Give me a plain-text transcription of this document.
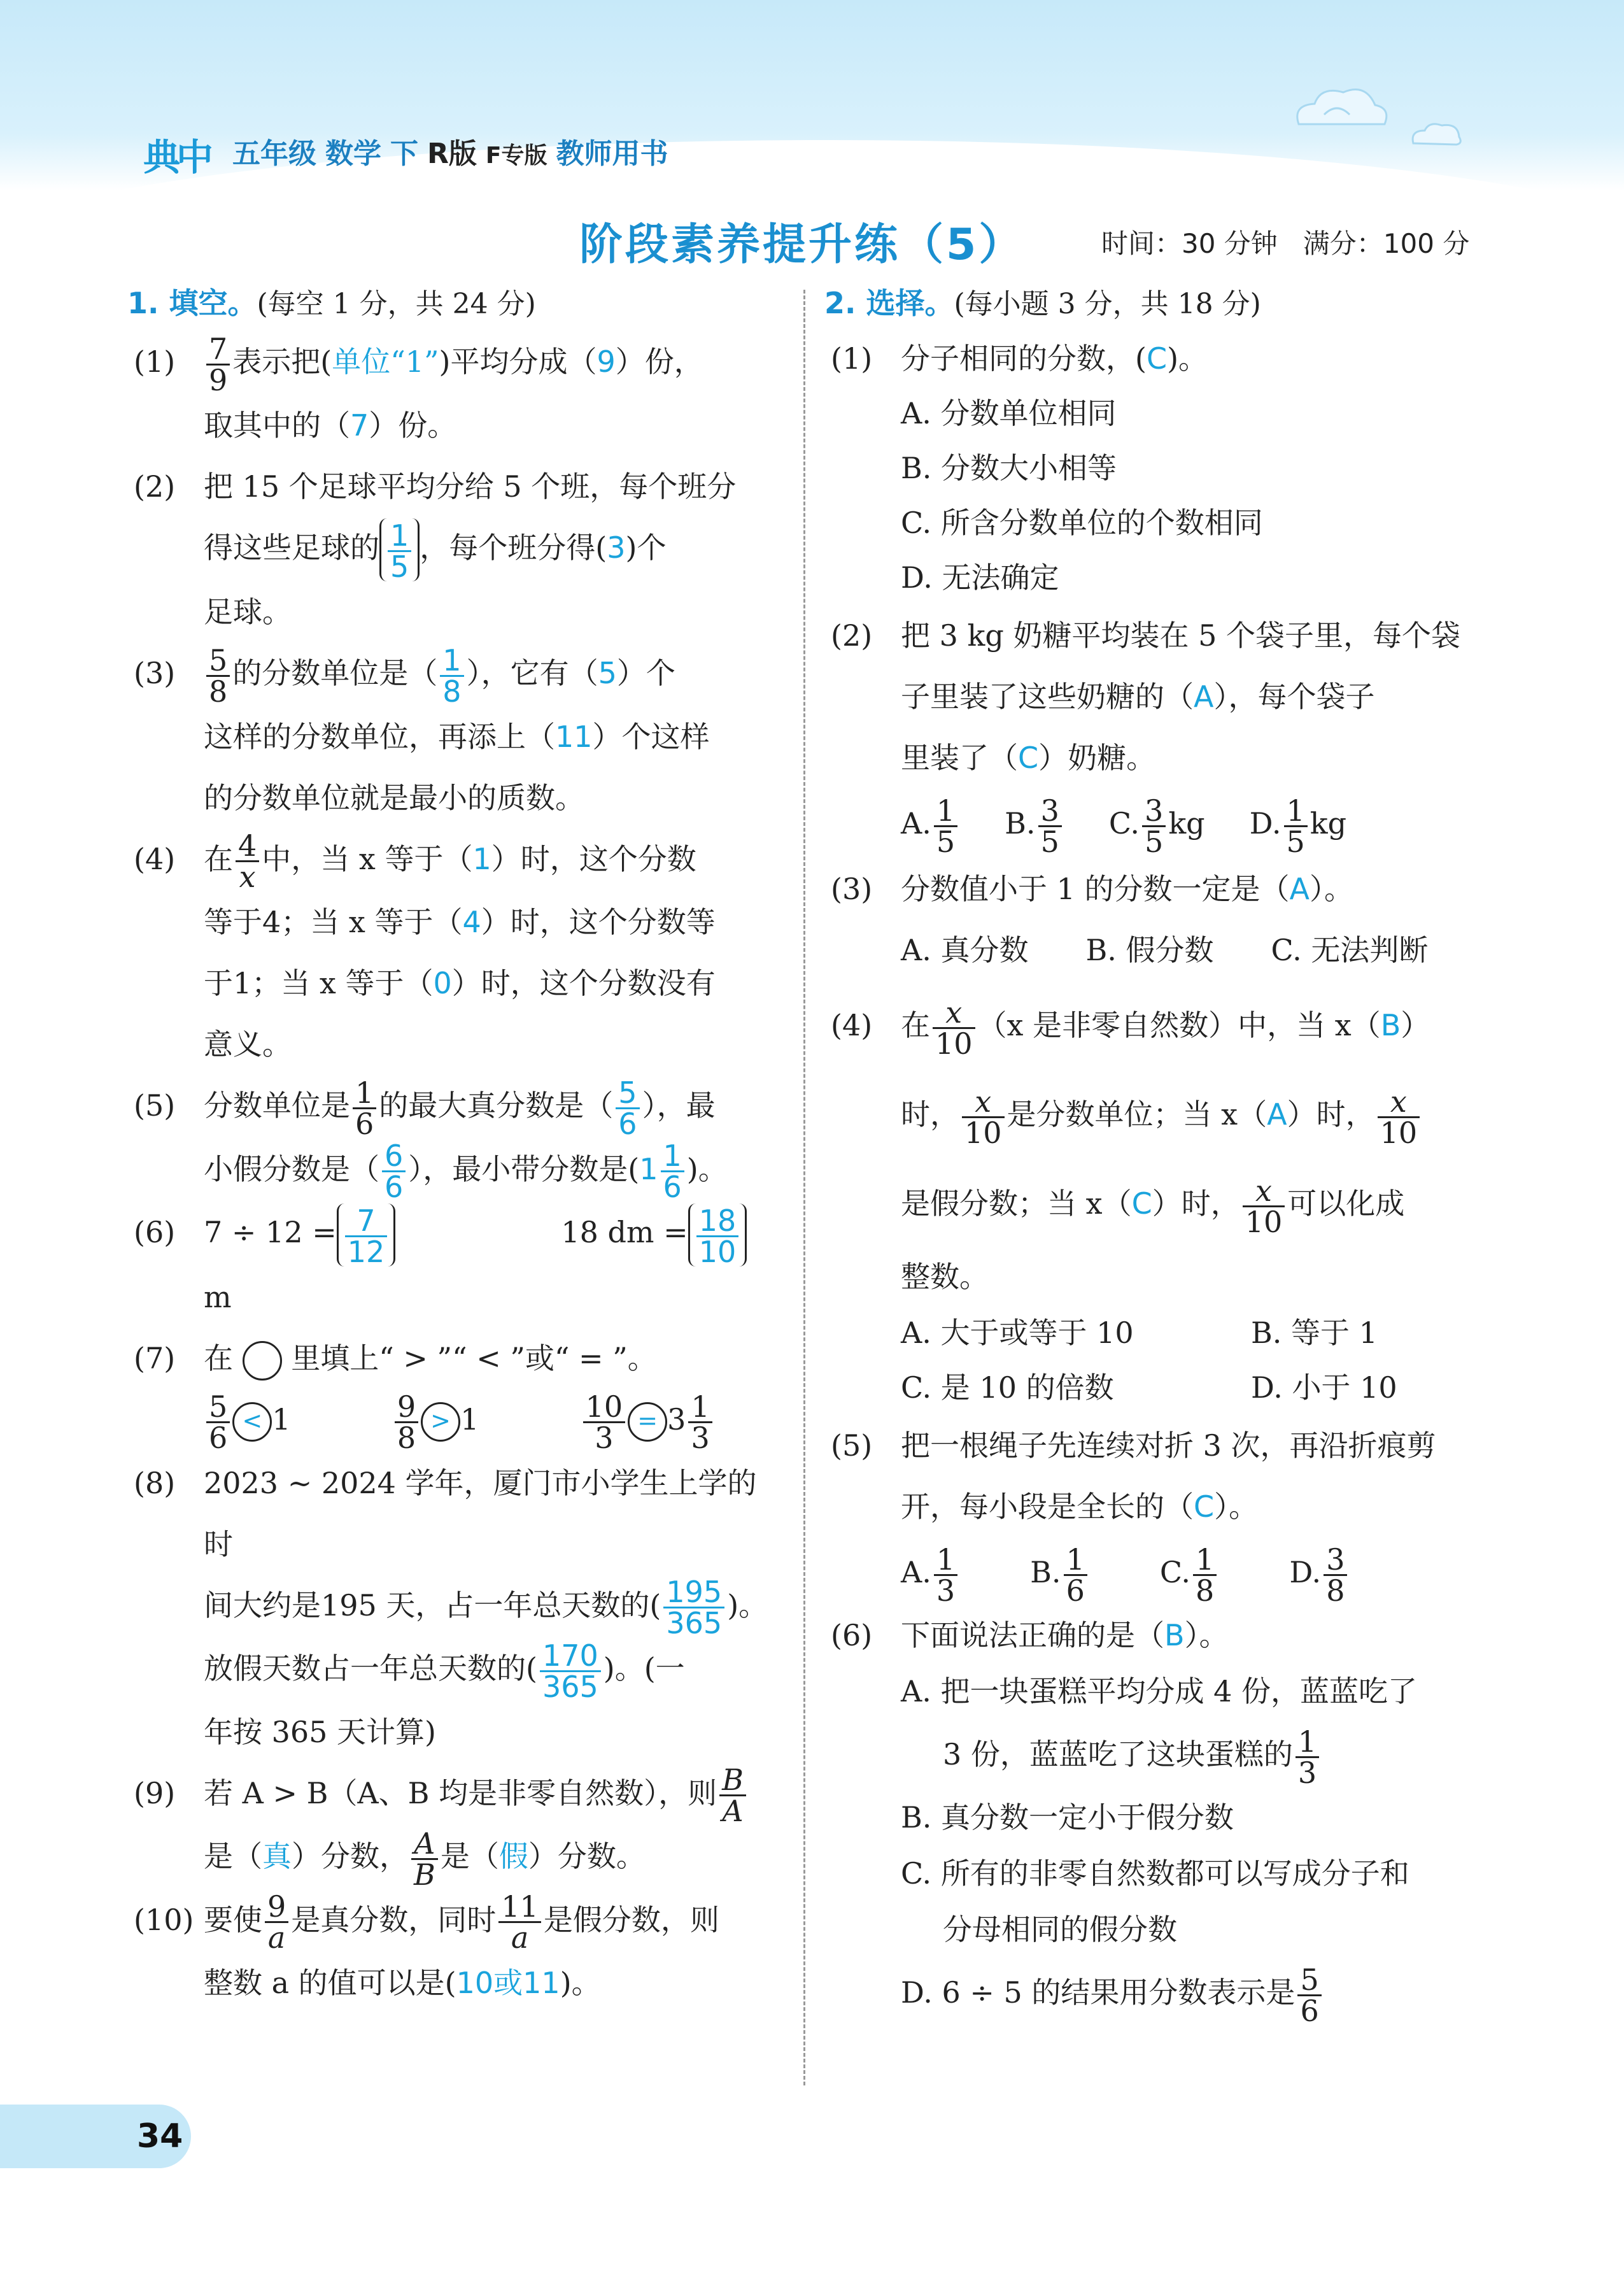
典中 五年级 数学 下 R版 F专版 教师用书
阶段素养提升练（5）	时间：30 分钟 满分：100 分
1. 填空。(每空 1 分，共 24 分)
$(1) \frac{7}{9}$ 表示把(单位“1”)平均分成（9）份，
取其中的（7）份。
(2) 把 15 个足球平均分给 5 个班，每个班分
得这些足球的 $\frac{1}{5}$ ，每个班分得(3)个
足球。
$(3) \frac{5}{8}$ 的分数单位是（ $\frac{1}{8}$ ），它有（5）个
这样的分数单位，再添上（11）个这样
的分数单位就是最小的质数。
(4) 在 $\frac{4}{x}$ 中，当 x 等于（1）时，这个分数
等于4；当 x 等于（4）时，这个分数等
于1；当 x 等于（0）时，这个分数没有
意义。
(5) 分数单位是 $\frac{1}{6}$ 的最大真分数是（ $\frac{5}{6}$ ），最
小假分数是（ $\frac{6}{6}$ ），最小带分数是($1 \frac{1}{6}$ )。
(6) $7 \div 12 = \frac{7}{12}$	18 dm = $\frac{18}{10}$
m
(7) 在 里填上“ > ”“ < ”或“ = ”。
$\frac{5}{6} < 1$	$\frac{9}{8} > 1$	$\frac{10}{3} = 3 \frac{1}{3}$
(8) 2023 ~ 2024 学年，厦门市小学生上学的时
间大约是195 天，占一年总天数的( $\frac{195}{365}$ )。
放假天数占一年总天数的( $\frac{170}{365}$ )。(一
年按 365 天计算)
(9) 若 A > B（A、B 均是非零自然数），则 $\frac{B}{A}$
是（真）分数， $\frac{A}{B}$ 是（假）分数。
(10) 要使 $\frac{9}{a}$ 是真分数，同时 $\frac{11}{a}$ 是假分数，则
整数 a 的值可以是(10或11)。
2. 选择。(每小题 3 分，共 18 分)
(1) 分子相同的分数，(C)。
A. 分数单位相同
B. 分数大小相等
C. 所含分数单位的个数相同
D. 无法确定
(2) 把 3 kg 奶糖平均装在 5 个袋子里，每个袋
子里装了这些奶糖的（A），每个袋子
里装了（C）奶糖。
A. $\frac{1}{5} B$. $\frac{3}{5} C$. $\frac{3}{5}$ kg D. $\frac{1}{5}$ kg
(3) 分数值小于 1 的分数一定是（A）。
A. 真分数 B. 假分数 C. 无法判断
(4) 在 $\frac{x}{10} (x$ 是非零自然数）中，当 x（B）
时， $\frac{x}{10}$ 是分数单位；当 x（A）时， $\frac{x}{10}$
是假分数；当 x（C）时， $\frac{x}{10}$ 可以化成
整数。
A. 大于或等于 10	B. 等于 1
C. 是 10 的倍数	D. 小于 10
(5) 把一根绳子先连续对折 3 次，再沿折痕剪
开，每小段是全长的（C）。
A. $\frac{1}{3} B$. $\frac{1}{6} C$. $\frac{1}{8} D$. $\frac{3}{8}$
(6) 下面说法正确的是（B）。
A. 把一块蛋糕平均分成 4 份，蓝蓝吃了
3 份，蓝蓝吃了这块蛋糕的 $\frac{1}{3}$
B. 真分数一定小于假分数
C. 所有的非零自然数都可以写成分子和
分母相同的假分数
D. 6 ÷ 5 的结果用分数表示是 $\frac{5}{6}$
34
